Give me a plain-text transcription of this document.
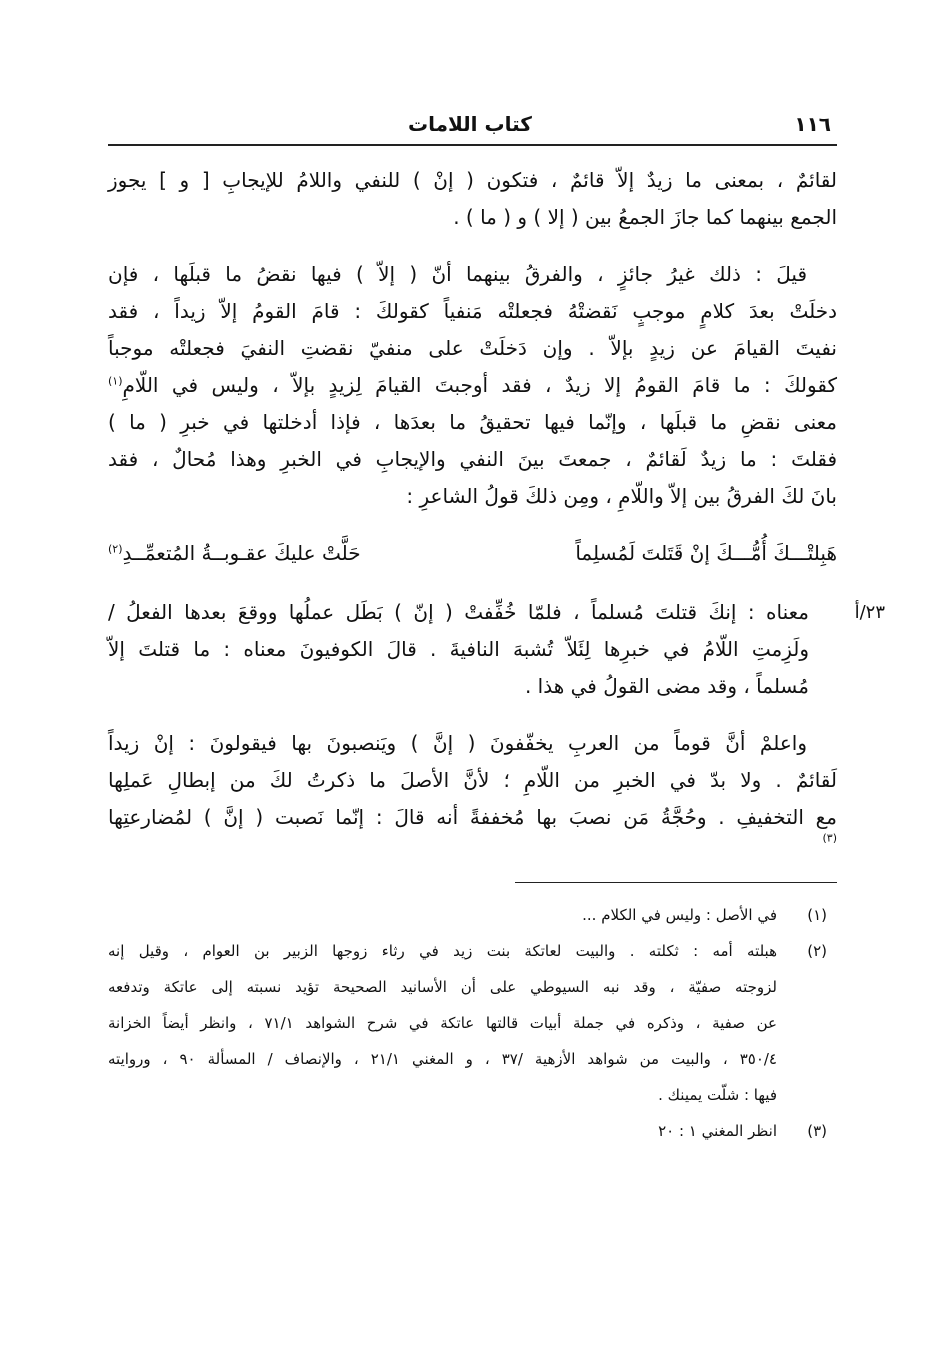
١١٦
كتاب اللامات
لقائمٌ ، بمعنى ما زيدٌ إلاّ قائمٌ ، فتكون ( إنْ ) للنفي واللامُ للإيجابِ [ و ] يجوز
الجمع بينهما كما جازَ الجمعُ بين ( إلا ) و ( ما ) .
قيلَ : ذلك غيرُ جائزٍ ، والفرقُ بينهما أنّ ( إلاّ ) فيها نقضُ ما قبلَها ، فإن
دخلَتْ بعدَ كلامٍ موجبٍ نَقضتْهُ فجعلتْه مَنفياً كقولكَ : قامَ القومُ إلاّ زيداً ، فقد
نفيتَ القيامَ عن زيدٍ بإلاّ . وإن دَخلَتْ على منفيّ نقضتِ النفيَ فجعلتْه موجباً
كقولكَ : ما قامَ القومُ إلا زيدٌ ، فقد أوجبتَ القيامَ لِزيدٍ بإلاّ ، وليس في اللّامِ$^{(١)}$
معنى نقضِ ما قبلَها ، وإنّما فيها تحقيقُ ما بعدَها ، فإذا أدخلتها في خبرِ ( ما )
فقلتَ : ما زيدٌ لَقائمٌ ، جمعتَ بينَ النفي والإيجابِ في الخبرِ وهذا مُحالٌ ، فقد
بانَ لكَ الفرقُ بين إلاّ واللّامِ ، ومِن ذلكَ قولُ الشاعرِ :
هَبِلتْـــكَ أُمُّـــكَ إنْ قَتَلتَ لَمُسلِماً
حَلَّتْ عليكَ عقـوبــةُ المُتعمِّــدِ$^{(٢)}$
٢٣/أ
معناه : إنكَ قتلتَ مُسلماً ، فلمّا خُفِّفتْ ( إنّ ) بَطَل عملُها ووقعَ بعدها الفعلُ /
ولَزِمتِ اللّامُ في خبرِها لِئَلاّ تُشبهَ النافيةَ . قالَ الكوفيونَ معناه : ما قتلتَ إلاّ
مُسلماً ، وقد مضى القولُ في هذا .
واعلمْ أنَّ قوماً من العربِ يخفّفونَ ( إنَّ ) ويَنصبونَ بها فيقولونَ : إنْ زيداً
لَقائمٌ . ولا بدّ في الخبرِ من اللّامِ ؛ لأنَّ الأصلَ ما ذكرتُ لكَ من إبطالِ عَملِها
مع التخفيفِ . وحُجَّةُ مَن نصبَ بها مُخففةً أنه قالَ : إنّما نَصبت ( إنَّ ) لمُضارعتِها
$^{(٣)}$
(١)
في الأصل : وليس في الكلام ...
(٢)
هبلته أمه : ثكلته . والبيت لعاتكة بنت زيد في رثاء زوجها الزبير بن العوام ، وقيل إنه
لزوجته صفيّة ، وقد نبه السيوطي على أن الأسانيد الصحيحة تؤيد نسبته إلى عاتكة وتدفعه
عن صفية ، وذكره في جملة أبيات قالتها عاتكة في شرح الشواهد ٧١/١ ، وانظر أيضاً الخزانة
٣٥٠/٤ ، والبيت من شواهد الأزهية /٣٧ ، و المغني ٢١/١ ، والإنصاف / المسألة ٩٠ ، وروايته
فيها : شلّت يمينك .
(٣)
انظر المغني ١ : ٢٠
